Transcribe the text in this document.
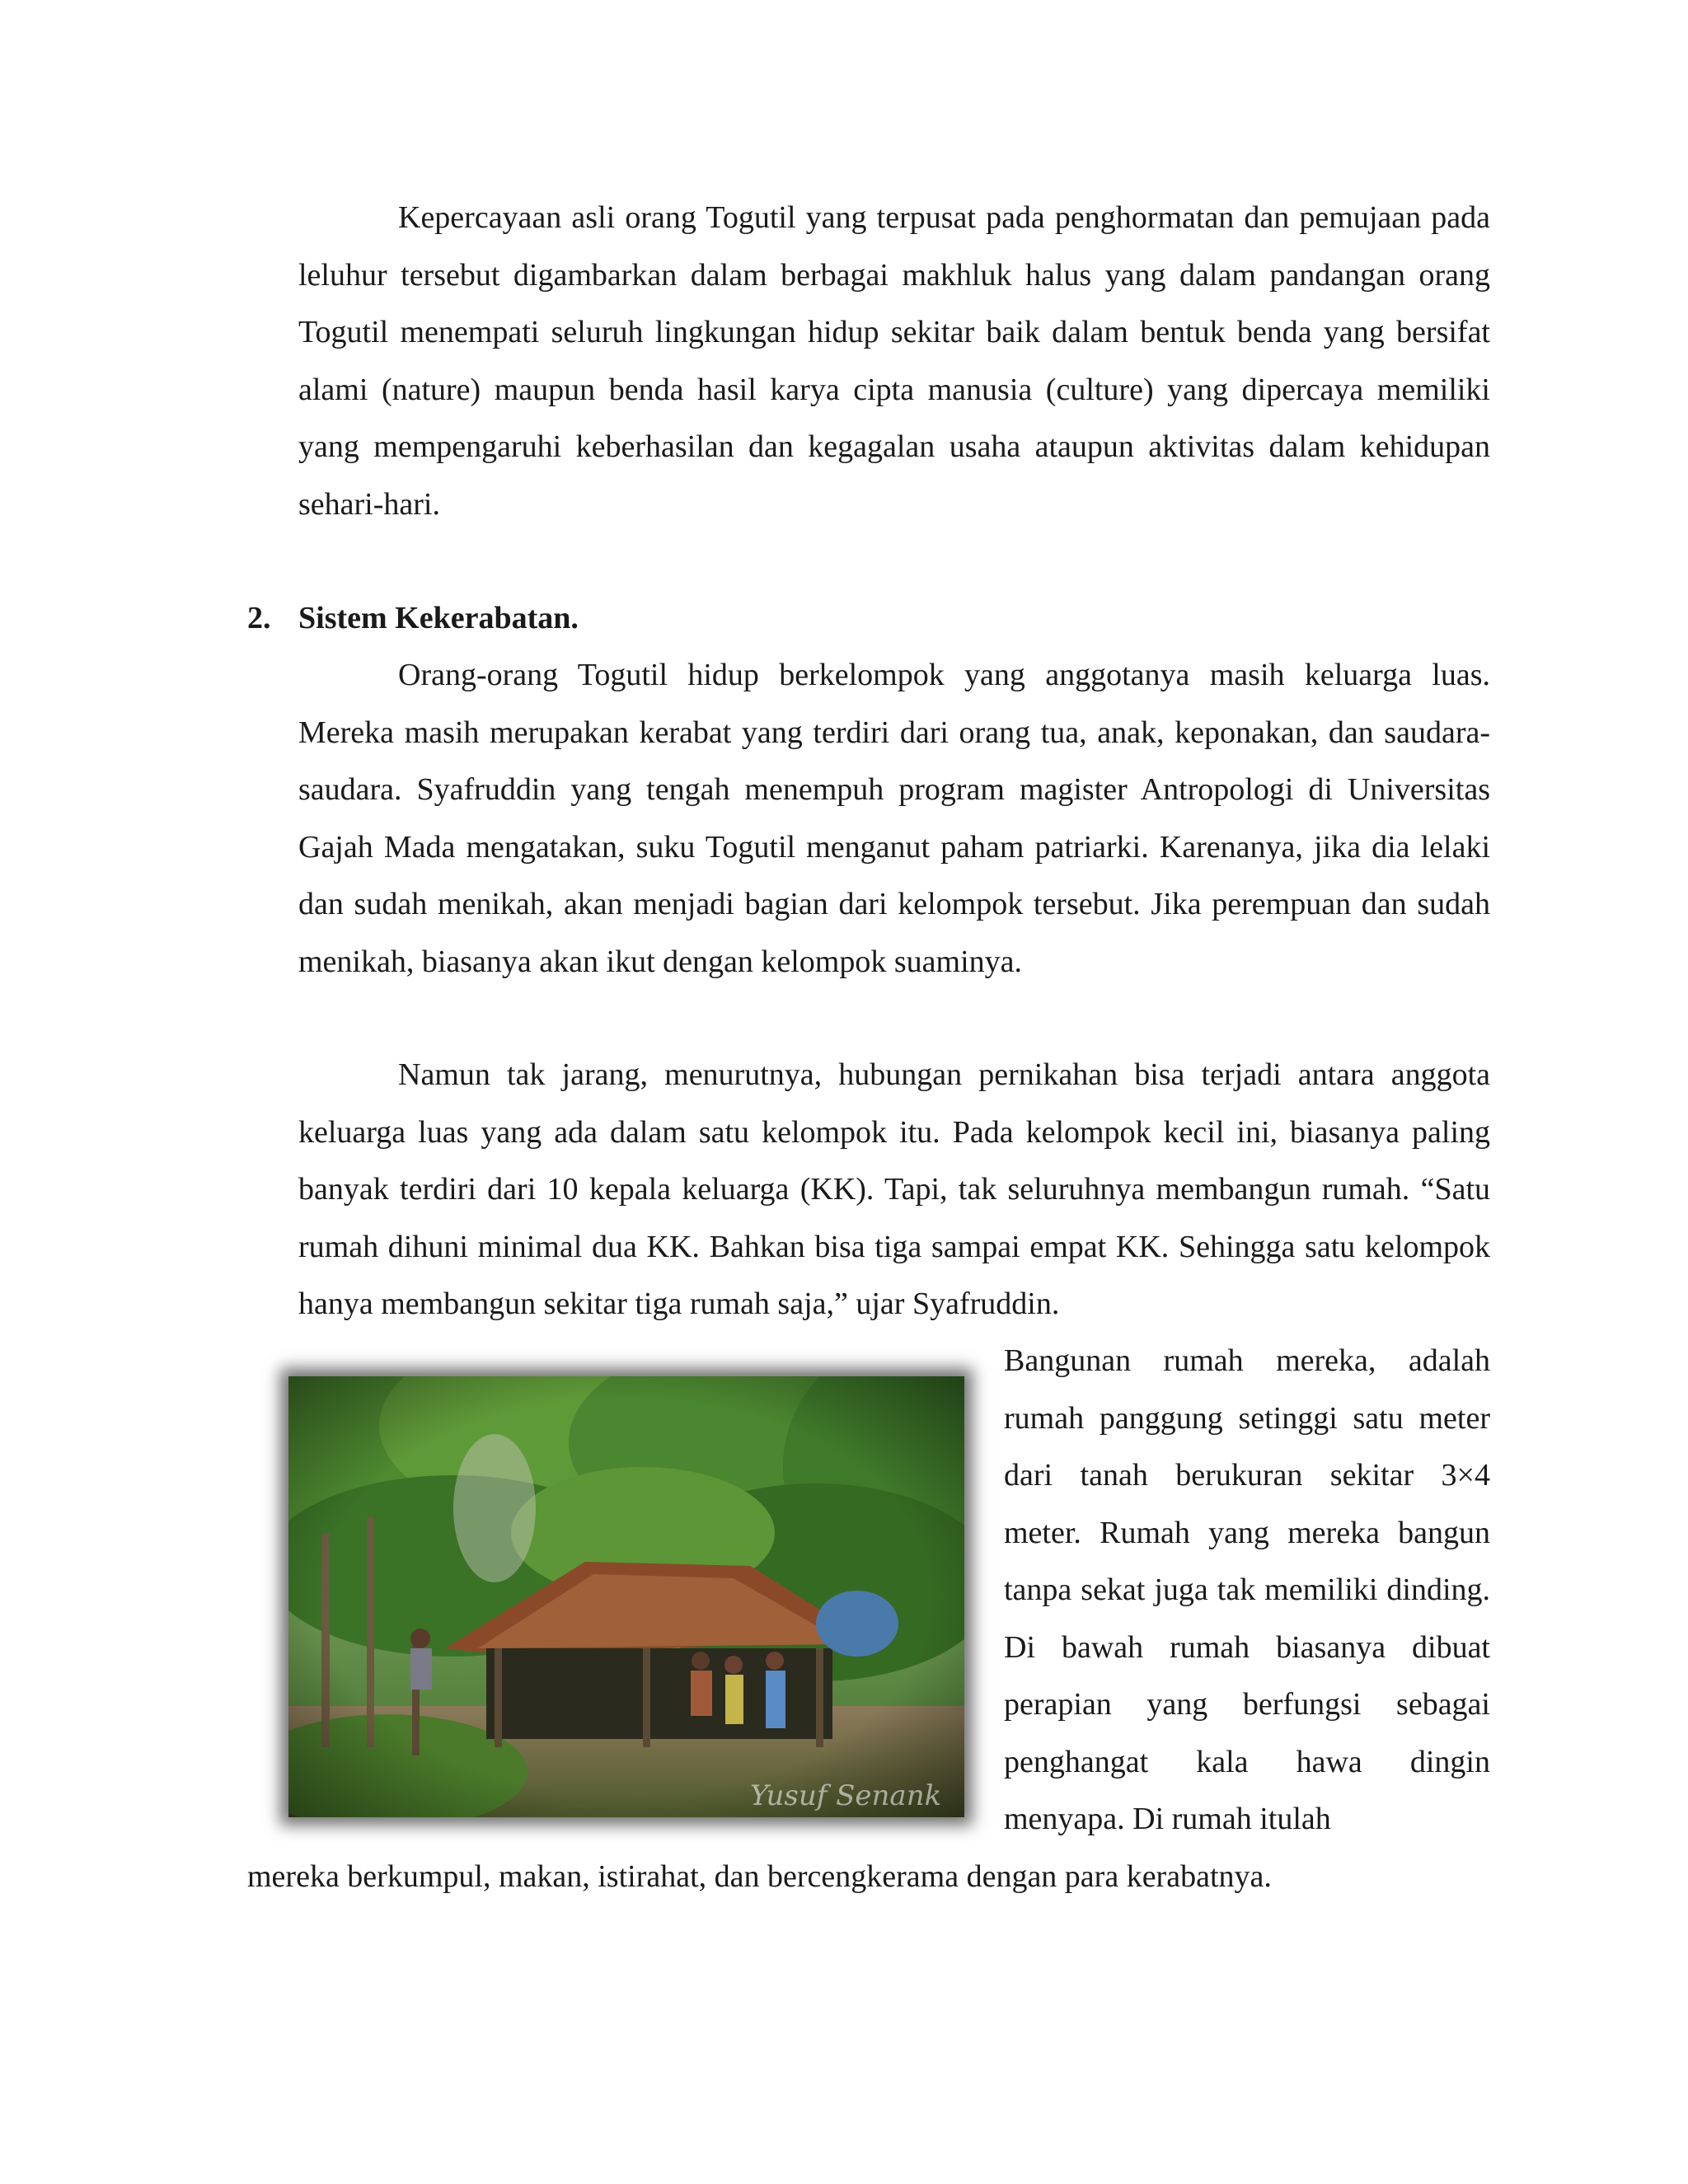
Kepercayaan asli orang Togutil yang terpusat pada penghormatan dan pemujaan pada leluhur tersebut digambarkan dalam berbagai makhluk halus yang dalam pandangan orang Togutil menempati seluruh lingkungan hidup sekitar baik dalam bentuk benda yang bersifat alami (nature) maupun benda hasil karya cipta manusia (culture) yang dipercaya memiliki yang mempengaruhi keberhasilan dan kegagalan usaha ataupun aktivitas dalam kehidupan sehari-hari.

2. Sistem Kekerabatan.

Orang-orang Togutil hidup berkelompok yang anggotanya masih keluarga luas. Mereka masih merupakan kerabat yang terdiri dari orang tua, anak, keponakan, dan saudara-saudara. Syafruddin yang tengah menempuh program magister Antropologi di Universitas Gajah Mada mengatakan, suku Togutil menganut paham patriarki. Karenanya, jika dia lelaki dan sudah menikah, akan menjadi bagian dari kelompok tersebut. Jika perempuan dan sudah menikah, biasanya akan ikut dengan kelompok suaminya.

Namun tak jarang, menurutnya, hubungan pernikahan bisa terjadi antara anggota keluarga luas yang ada dalam satu kelompok itu. Pada kelompok kecil ini, biasanya paling banyak terdiri dari 10 kepala keluarga (KK). Tapi, tak seluruhnya membangun rumah. “Satu rumah dihuni minimal dua KK. Bahkan bisa tiga sampai empat KK. Sehingga satu kelompok hanya membangun sekitar tiga rumah saja,” ujar Syafruddin.

Yusuf Senank

Bangunan rumah mereka, adalah rumah panggung setinggi satu meter dari tanah berukuran sekitar 3×4 meter. Rumah yang mereka bangun tanpa sekat juga tak memiliki dinding. Di bawah rumah biasanya dibuat perapian yang berfungsi sebagai penghangat kala hawa dingin menyapa. Di rumah itulah

mereka berkumpul, makan, istirahat, dan bercengkerama dengan para kerabatnya.
